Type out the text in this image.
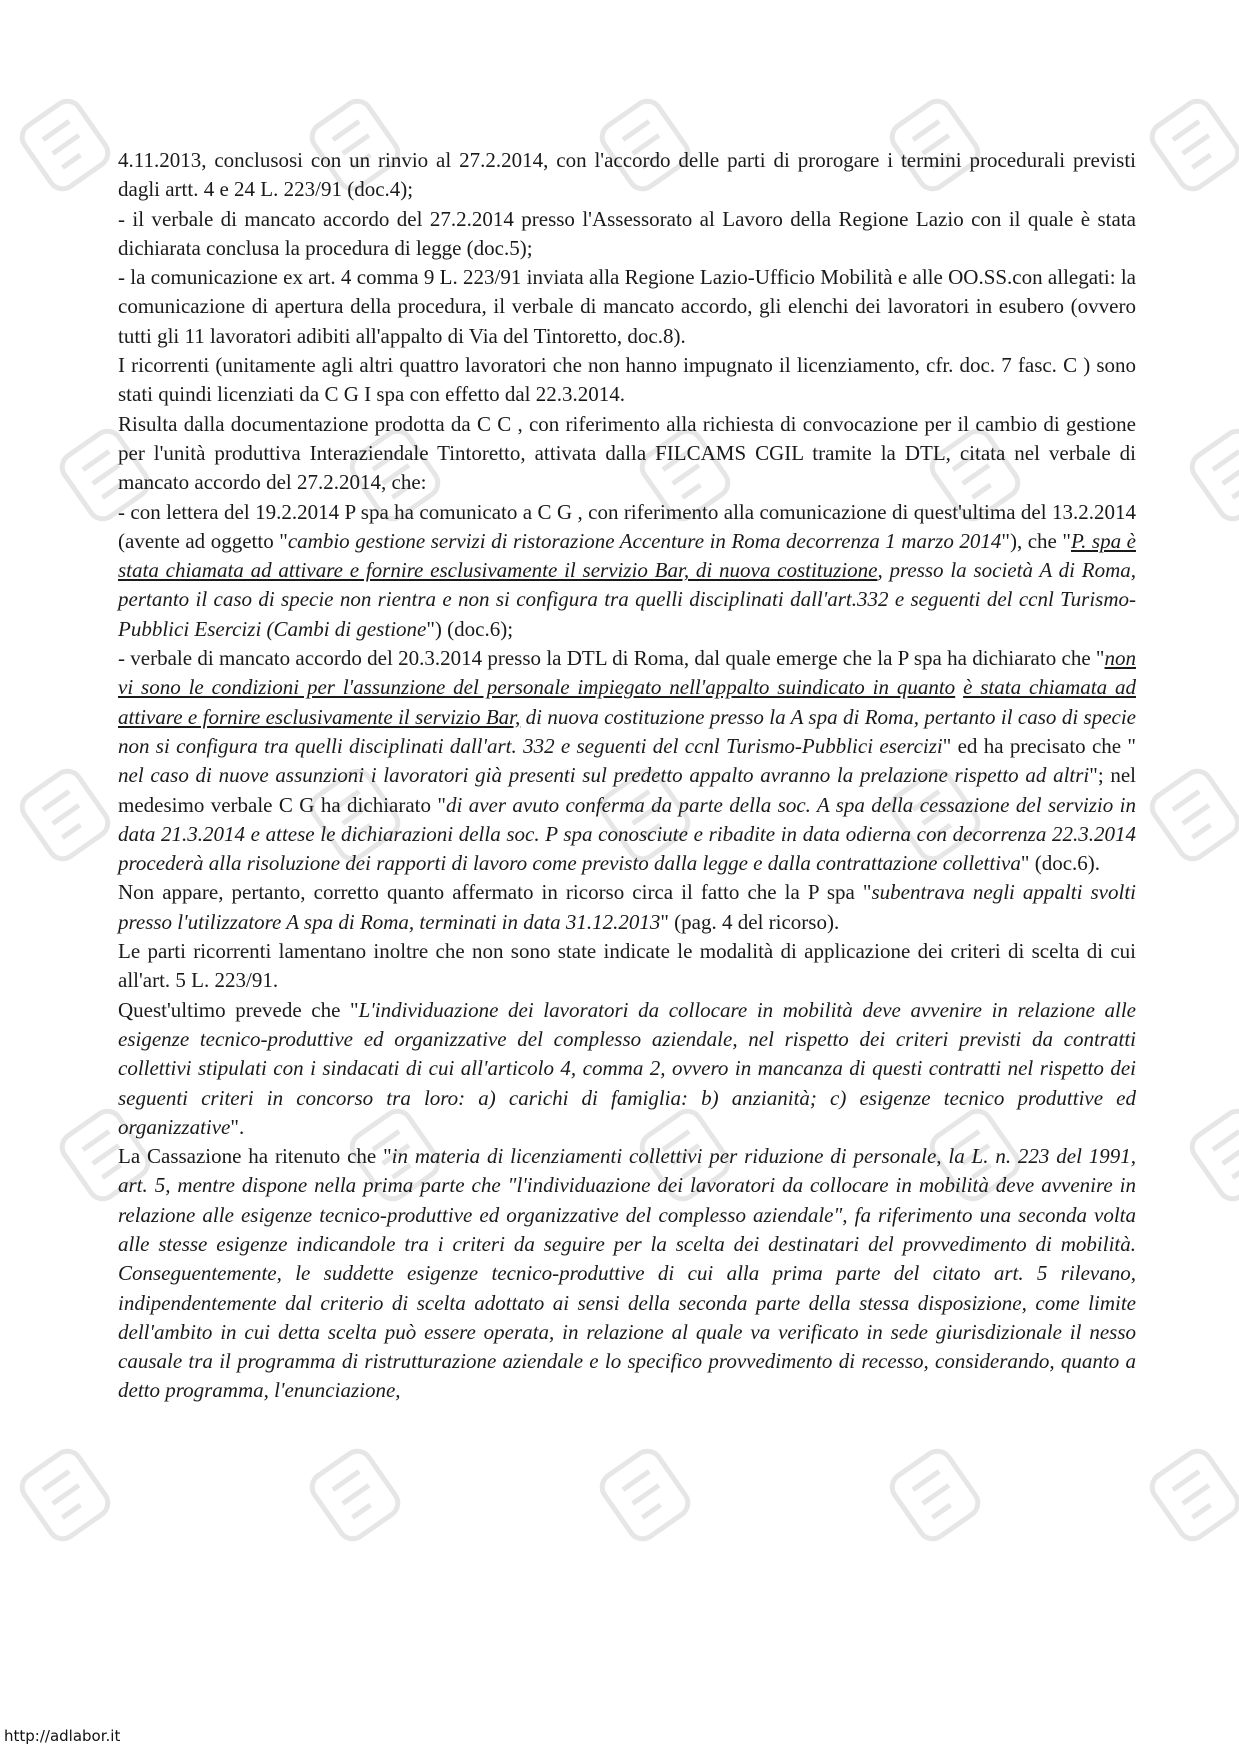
4.11.2013, conclusosi con un rinvio al 27.2.2014, con l'accordo delle parti di prorogare i termini procedurali previsti dagli artt. 4 e 24 L. 223/91 (doc.4);

- il verbale di mancato accordo del 27.2.2014 presso l'Assessorato al Lavoro della Regione Lazio con il quale è stata dichiarata conclusa la procedura di legge (doc.5);

- la comunicazione ex art. 4 comma 9 L. 223/91 inviata alla Regione Lazio-Ufficio Mobilità e alle OO.SS.con allegati: la comunicazione di apertura della procedura, il verbale di mancato accordo, gli elenchi dei lavoratori in esubero (ovvero tutti gli 11 lavoratori adibiti all'appalto di Via del Tintoretto, doc.8).

I ricorrenti (unitamente agli altri quattro lavoratori che non hanno impugnato il licenziamento, cfr. doc. 7 fasc. C ) sono stati quindi licenziati da C G I spa con effetto dal 22.3.2014.

Risulta dalla documentazione prodotta da C C , con riferimento alla richiesta di convocazione per il cambio di gestione per l'unità produttiva Interaziendale Tintoretto, attivata dalla FILCAMS CGIL tramite la DTL, citata nel verbale di mancato accordo del 27.2.2014, che:

- con lettera del 19.2.2014 P spa ha comunicato a C G , con riferimento alla comunicazione di quest'ultima del 13.2.2014 (avente ad oggetto "cambio gestione servizi di ristorazione Accenture in Roma decorrenza 1 marzo 2014"), che "P. spa è stata chiamata ad attivare e fornire esclusivamente il servizio Bar, di nuova costituzione, presso la società A di Roma, pertanto il caso di specie non rientra e non si configura tra quelli disciplinati dall'art.332 e seguenti del ccnl Turismo-Pubblici Esercizi (Cambi di gestione") (doc.6);

- verbale di mancato accordo del 20.3.2014 presso la DTL di Roma, dal quale emerge che la P spa ha dichiarato che "non vi sono le condizioni per l'assunzione del personale impiegato nell'appalto suindicato in quanto è stata chiamata ad attivare e fornire esclusivamente il servizio Bar, di nuova costituzione presso la A spa di Roma, pertanto il caso di specie non si configura tra quelli disciplinati dall'art. 332 e seguenti del ccnl Turismo-Pubblici esercizi" ed ha precisato che " nel caso di nuove assunzioni i lavoratori già presenti sul predetto appalto avranno la prelazione rispetto ad altri"; nel medesimo verbale C G ha dichiarato "di aver avuto conferma da parte della soc. A spa della cessazione del servizio in data 21.3.2014 e attese le dichiarazioni della soc. P spa conosciute e ribadite in data odierna con decorrenza 22.3.2014 procederà alla risoluzione dei rapporti di lavoro come previsto dalla legge e dalla contrattazione collettiva" (doc.6).

Non appare, pertanto, corretto quanto affermato in ricorso circa il fatto che la P spa "subentrava negli appalti svolti presso l'utilizzatore A spa di Roma, terminati in data 31.12.2013" (pag. 4 del ricorso).

Le parti ricorrenti lamentano inoltre che non sono state indicate le modalità di applicazione dei criteri di scelta di cui all'art. 5 L. 223/91.

Quest'ultimo prevede che "L'individuazione dei lavoratori da collocare in mobilità deve avvenire in relazione alle esigenze tecnico-produttive ed organizzative del complesso aziendale, nel rispetto dei criteri previsti da contratti collettivi stipulati con i sindacati di cui all'articolo 4, comma 2, ovvero in mancanza di questi contratti nel rispetto dei seguenti criteri in concorso tra loro: a) carichi di famiglia: b) anzianità; c) esigenze tecnico produttive ed organizzative".

La Cassazione ha ritenuto che "in materia di licenziamenti collettivi per riduzione di personale, la L. n. 223 del 1991, art. 5, mentre dispone nella prima parte che "l'individuazione dei lavoratori da collocare in mobilità deve avvenire in relazione alle esigenze tecnico-produttive ed organizzative del complesso aziendale", fa riferimento una seconda volta alle stesse esigenze indicandole tra i criteri da seguire per la scelta dei destinatari del provvedimento di mobilità. Conseguentemente, le suddette esigenze tecnico-produttive di cui alla prima parte del citato art. 5 rilevano, indipendentemente dal criterio di scelta adottato ai sensi della seconda parte della stessa disposizione, come limite dell'ambito in cui detta scelta può essere operata, in relazione al quale va verificato in sede giurisdizionale il nesso causale tra il programma di ristrutturazione aziendale e lo specifico provvedimento di recesso, considerando, quanto a detto programma, l'enunciazione,

http://adlabor.it
